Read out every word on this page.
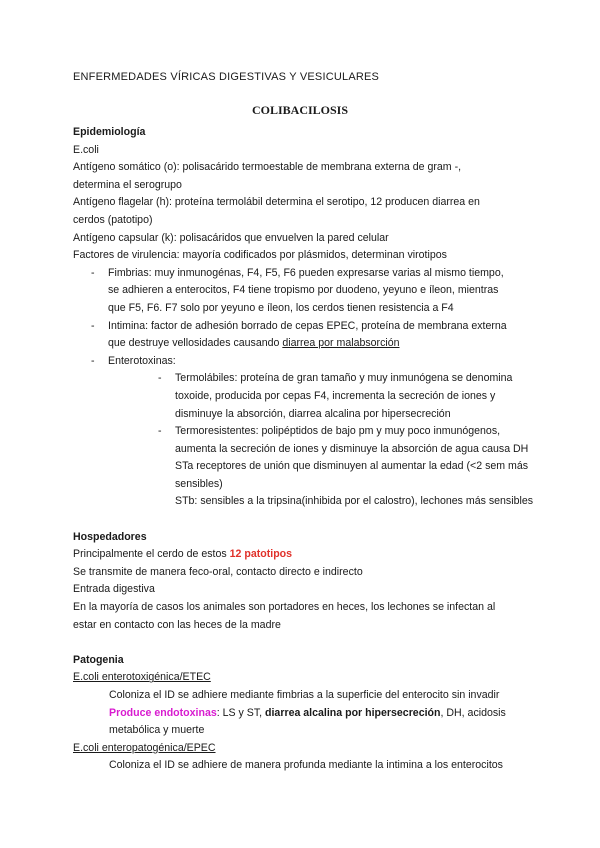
ENFERMEDADES VÍRICAS DIGESTIVAS Y VESICULARES
COLIBACILOSIS
Epidemiología
E.coli
Antígeno somático (o): polisacárido termoestable de membrana externa de gram -,
determina el serogrupo
Antígeno flagelar (h): proteína termolábil determina el serotipo, 12 producen diarrea en
cerdos (patotipo)
Antígeno capsular (k): polisacáridos que envuelven la pared celular
Factores de virulencia: mayoría codificados por plásmidos, determinan virotipos
-	Fimbrias: muy inmunogénas, F4, F5, F6 pueden expresarse varias al mismo tiempo,
se adhieren a enterocitos, F4 tiene tropismo por duodeno, yeyuno e íleon, mientras
que F5, F6. F7 solo por yeyuno e íleon, los cerdos tienen resistencia a F4
-	Intimina: factor de adhesión borrado de cepas EPEC, proteína de membrana externa
que destruye vellosidades causando diarrea por malabsorción
-	Enterotoxinas:
-	Termolábiles: proteína de gran tamaño y muy inmunógena se denomina
toxoide, producida por cepas F4, incrementa la secreción de iones y
disminuye la absorción, diarrea alcalina por hipersecreción
-	Termoresistentes: polipéptidos de bajo pm y muy poco inmunógenos,
aumenta la secreción de iones y disminuye la absorción de agua causa DH
STa receptores de unión que disminuyen al aumentar la edad (<2 sem más
sensibles)
STb: sensibles a la tripsina(inhibida por el calostro), lechones más sensibles
Hospedadores
Principalmente el cerdo de estos 12 patotipos
Se transmite de manera feco-oral, contacto directo e indirecto
Entrada digestiva
En la mayoría de casos los animales son portadores en heces, los lechones se infectan al
estar en contacto con las heces de la madre
Patogenia
E.coli enterotoxigénica/ETEC
Coloniza el ID se adhiere mediante fimbrias a la superficie del enterocito sin invadir
Produce endotoxinas: LS y ST, diarrea alcalina por hipersecreción, DH, acidosis
metabólica y muerte
E.coli enteropatogénica/EPEC
Coloniza el ID se adhiere de manera profunda mediante la intimina a los enterocitos
